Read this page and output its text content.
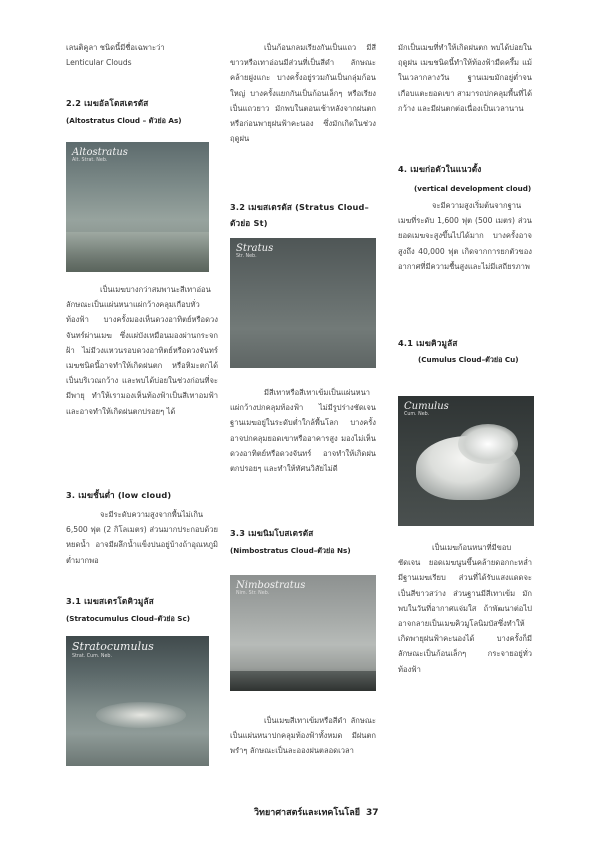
เลนติคูลา ชนิดนี้มีชื่อเฉพาะว่า
Lenticular Clouds
2.2 เมฆอัลโตสเตรตัส
(Altostratus Cloud – ตัวย่อ As)
Altostratus
Alt. Strat. Neb.
เป็นเมฆบางกว่าสมพานะสีเทาอ่อน ลักษณะเป็นแผ่นหนาแผ่กว้างคลุมเกือบทั่วท้องฟ้า บางครั้งมองเห็นดวงอาทิตย์หรือดวงจันทร์ผ่านเมฆ ซึ่งแผ่บังเหมือนมองผ่านกระจกฝ้า ไม่มีวงแหวนรอบดวงอาทิตย์หรือดวงจันทร์ เมฆชนิดนี้อาจทำให้เกิดฝนตก หรือหิมะตกได้เป็นบริเวณกว้าง และพบได้บ่อยในช่วงก่อนที่จะมีพายุ ทำให้เรามองเห็นท้องฟ้าเป็นสีเทาอมฟ้า และอาจทำให้เกิดฝนตกปรอยๆ ได้
3. เมฆชั้นต่ำ (low cloud)
จะมีระดับความสูงจากพื้นไม่เกิน 6,500 ฟุต (2 กิโลเมตร) ส่วนมากประกอบด้วยหยดน้ำ อาจมีผลึกน้ำแข็งปนอยู่บ้างถ้าอุณหภูมิต่ำมากพอ
3.1 เมฆสเตรโตคิวมูลัส
(Stratocumulus Cloud–ตัวย่อ Sc)
Stratocumulus
Strat. Cum. Neb.
เป็นก้อนกลมเรียงกันเป็นแถว มีสีขาวหรือเทาอ่อนมีส่วนที่เป็นสีดำ ลักษณะคล้ายฝูงแกะ บางครั้งอยู่รวมกันเป็นกลุ่มก้อนใหญ่ บางครั้งแยกกันเป็นก้อนเล็กๆ หรือเรียงเป็นแถวยาว มักพบในตอนเช้าหลังจากฝนตกหรือก่อนพายุฝนฟ้าคะนอง ซึ่งมักเกิดในช่วงฤดูฝน
3.2 เมฆสเตรตัส (Stratus Cloud–
ตัวย่อ St)
Stratus
Str. Neb.
มีสีเทาหรือสีเทาเข้มเป็นแผ่นหนาแผ่กว้างปกคลุมท้องฟ้า ไม่มีรูปร่างชัดเจน ฐานเมฆอยู่ในระดับต่ำใกล้พื้นโลก บางครั้งอาจปกคลุมยอดเขาหรืออาคารสูง มองไม่เห็นดวงอาทิตย์หรือดวงจันทร์ อาจทำให้เกิดฝนตกปรอยๆ และทำให้ทัศนวิสัยไม่ดี
3.3 เมฆนิมโบสเตรตัส
(Nimbostratus Cloud–ตัวย่อ Ns)
Nimbostratus
Nim. Str. Neb.
เป็นเมฆสีเทาเข้มหรือสีดำ ลักษณะเป็นแผ่นหนาปกคลุมท้องฟ้าทั้งหมด มีฝนตกพรำๆ ลักษณะเป็นละอองฝนตลอดเวลา
มักเป็นเมฆที่ทำให้เกิดฝนตก พบได้บ่อยในฤดูฝน เมฆชนิดนี้ทำให้ท้องฟ้ามืดครึ้ม แม้ในเวลากลางวัน ฐานเมฆมักอยู่ต่ำจนเกือบแตะยอดเขา สามารถปกคลุมพื้นที่ได้กว้าง และมีฝนตกต่อเนื่องเป็นเวลานาน
4. เมฆก่อตัวในแนวตั้ง
(vertical development cloud)
จะมีความสูงเริ่มต้นจากฐานเมฆที่ระดับ 1,600 ฟุต (500 เมตร) ส่วนยอดเมฆจะสูงขึ้นไปได้มาก บางครั้งอาจสูงถึง 40,000 ฟุต เกิดจากการยกตัวของอากาศที่มีความชื้นสูงและไม่มีเสถียรภาพ
4.1 เมฆคิวมูลัส
(Cumulus Cloud–ตัวย่อ Cu)
Cumulus
Cum. Neb.
เป็นเมฆก้อนหนาที่มีขอบชัดเจน ยอดเมฆนูนขึ้นคล้ายดอกกะหล่ำ มีฐานเมฆเรียบ ส่วนที่ได้รับแสงแดดจะเป็นสีขาวสว่าง ส่วนฐานมีสีเทาเข้ม มักพบในวันที่อากาศแจ่มใส ถ้าพัฒนาต่อไปอาจกลายเป็นเมฆคิวมูโลนิมบัสซึ่งทำให้เกิดพายุฝนฟ้าคะนองได้ บางครั้งก็มีลักษณะเป็นก้อนเล็กๆ กระจายอยู่ทั่วท้องฟ้า
วิทยาศาสตร์และเทคโนโลยี 37
